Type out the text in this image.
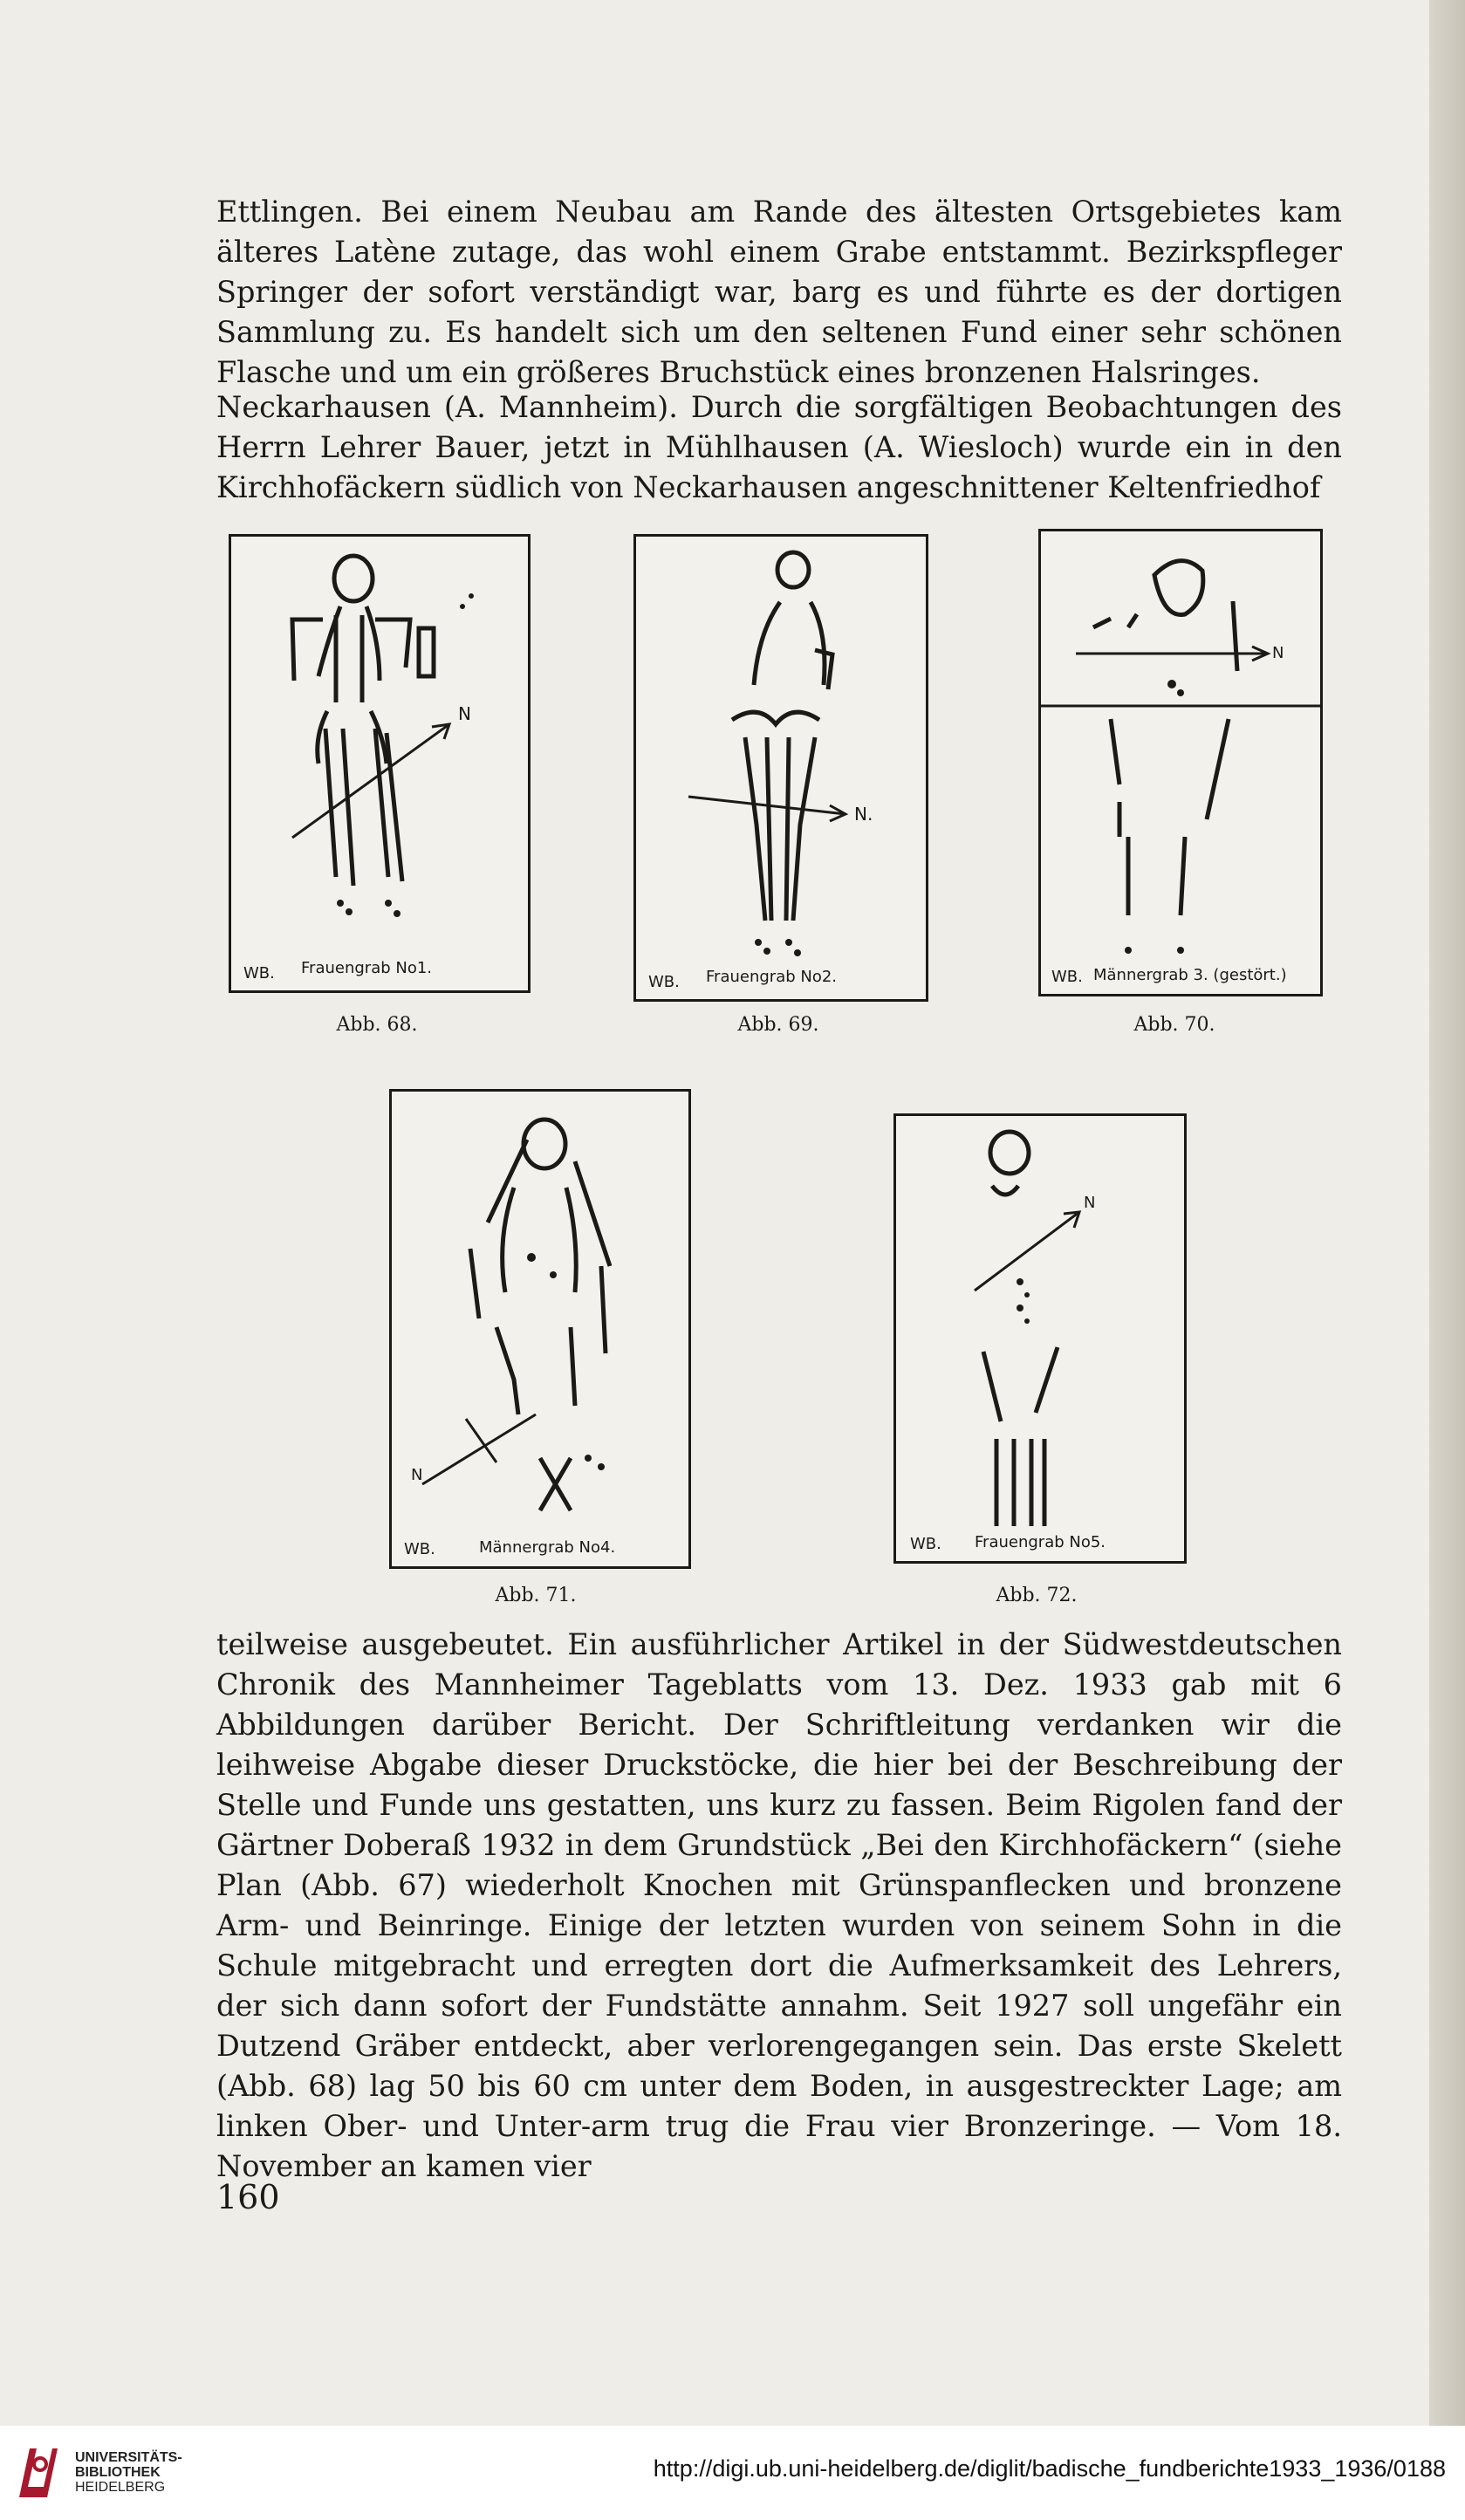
Ettlingen. Bei einem Neubau am Rande des ältesten Ortsgebietes kam älteres Latène zutage, das wohl einem Grabe entstammt. Bezirkspfleger Springer der sofort verständigt war, barg es und führte es der dortigen Sammlung zu. Es handelt sich um den seltenen Fund einer sehr schönen Flasche und um ein größeres Bruchstück eines bronzenen Halsringes.

Neckarhausen (A. Mannheim). Durch die sorgfältigen Beobachtungen des Herrn Lehrer Bauer, jetzt in Mühlhausen (A. Wiesloch) wurde ein in den Kirchhofäckern südlich von Neckarhausen angeschnittener Keltenfriedhof

N
WB. Frauengrab No1.
Abb. 68.
N.
WB. Frauengrab No2.
Abb. 69.
N
WB. Männergrab 3. (gestört.)
Abb. 70.
N
WB.	Männergrab No4.
Abb. 71.
N
WB. Frauengrab No5.
Abb. 72.

teilweise ausgebeutet. Ein ausführlicher Artikel in der Südwestdeutschen Chronik des Mannheimer Tageblatts vom 13. Dez. 1933 gab mit 6 Abbildungen darüber Bericht. Der Schriftleitung verdanken wir die leihweise Abgabe dieser Druckstöcke, die hier bei der Beschreibung der Stelle und Funde uns gestatten, uns kurz zu fassen. Beim Rigolen fand der Gärtner Doberaß 1932 in dem Grundstück „Bei den Kirchhofäckern“ (siehe Plan (Abb. 67) wiederholt Knochen mit Grünspanflecken und bronzene Arm- und Beinringe. Einige der letzten wurden von seinem Sohn in die Schule mitgebracht und erregten dort die Aufmerksamkeit des Lehrers, der sich dann sofort der Fundstätte annahm. Seit 1927 soll ungefähr ein Dutzend Gräber entdeckt, aber verlorengegangen sein. Das erste Skelett (Abb. 68) lag 50 bis 60 cm unter dem Boden, in ausgestreckter Lage; am linken Ober- und Unter-arm trug die Frau vier Bronzeringe. — Vom 18. November an kamen vier

160
UNIVERSITÄTS-
BIBLIOTHEK
HEIDELBERG
http://digi.ub.uni-heidelberg.de/diglit/badische_fundberichte1933_1936/0188
